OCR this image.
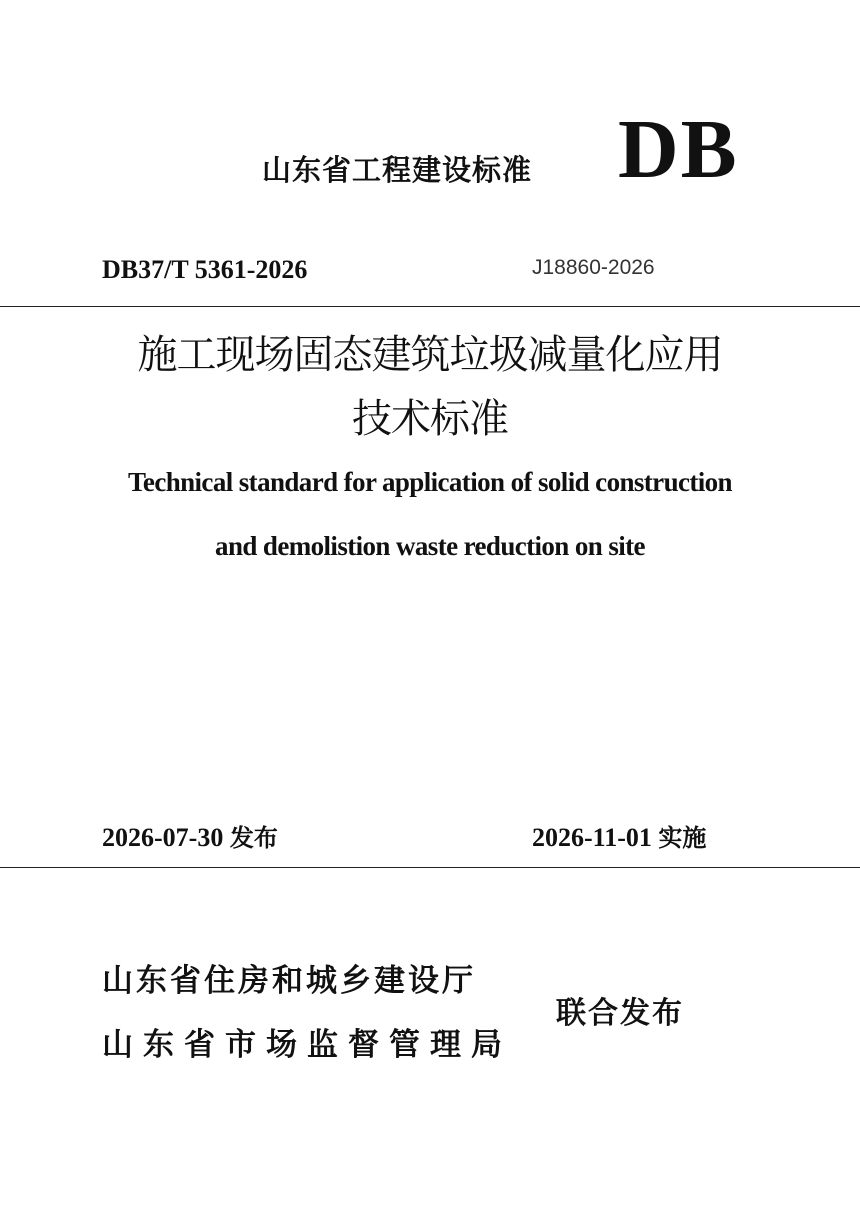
山东省工程建设标准 DB
DB37/T 5361-2026	J18860-2026
施工现场固态建筑垃圾减量化应用
技术标准
Technical standard for application of solid construction
and demolistion waste reduction on site
2026-07-30 发布	2026-11-01 实施
山东省住房和城乡建设厅
山东省市场监督管理局
联合发布
